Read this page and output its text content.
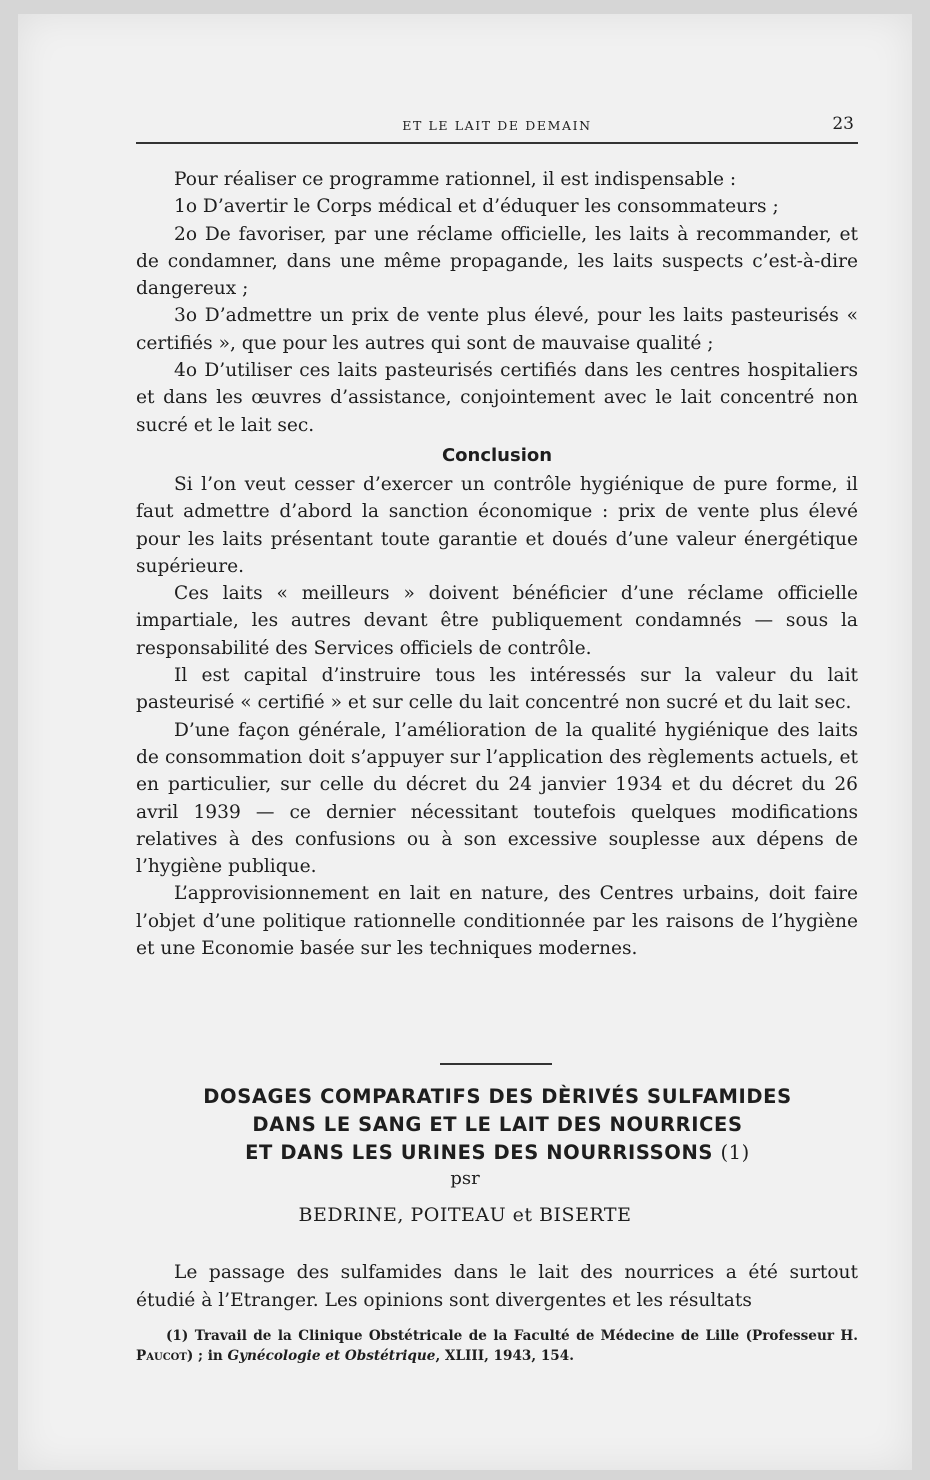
ET LE LAIT DE DEMAIN	23

Pour réaliser ce programme rationnel, il est indispensable :

1o D’avertir le Corps médical et d’éduquer les consommateurs ;

2o De favoriser, par une réclame officielle, les laits à recommander, et de condamner, dans une même propagande, les laits suspects c’est-à-dire dangereux ;

3o D’admettre un prix de vente plus élevé, pour les laits pasteurisés « certifiés », que pour les autres qui sont de mauvaise qualité ;

4o D’utiliser ces laits pasteurisés certifiés dans les centres hospitaliers et dans les œuvres d’assistance, conjointement avec le lait concentré non sucré et le lait sec.

Conclusion

Si l’on veut cesser d’exercer un contrôle hygiénique de pure forme, il faut admettre d’abord la sanction économique : prix de vente plus élevé pour les laits présentant toute garantie et doués d’une valeur énergétique supérieure.

Ces laits « meilleurs » doivent bénéficier d’une réclame officielle impartiale, les autres devant être publiquement condamnés — sous la responsabilité des Services officiels de contrôle.

Il est capital d’instruire tous les intéressés sur la valeur du lait pasteurisé « certifié » et sur celle du lait concentré non sucré et du lait sec.

D’une façon générale, l’amélioration de la qualité hygiénique des laits de consommation doit s’appuyer sur l’application des règlements actuels, et en particulier, sur celle du décret du 24 janvier 1934 et du décret du 26 avril 1939 — ce dernier nécessitant toutefois quelques modifications relatives à des confusions ou à son excessive souplesse aux dépens de l’hygiène publique.

L’approvisionnement en lait en nature, des Centres urbains, doit faire l’objet d’une politique rationnelle conditionnée par les raisons de l’hygiène et une Economie basée sur les techniques modernes.

DOSAGES COMPARATIFS DES DÈRIVÉS SULFAMIDES
DANS LE SANG ET LE LAIT DES NOURRICES
ET DANS LES URINES DES NOURRISSONS (1)
psr
BEDRINE, POITEAU et BISERTE

Le passage des sulfamides dans le lait des nourrices a été surtout étudié à l’Etranger. Les opinions sont divergentes et les résultats

(1) Travail de la Clinique Obstétricale de la Faculté de Médecine de Lille (Professeur H. Paucot) ; in Gynécologie et Obstétrique, XLIII, 1943, 154.
